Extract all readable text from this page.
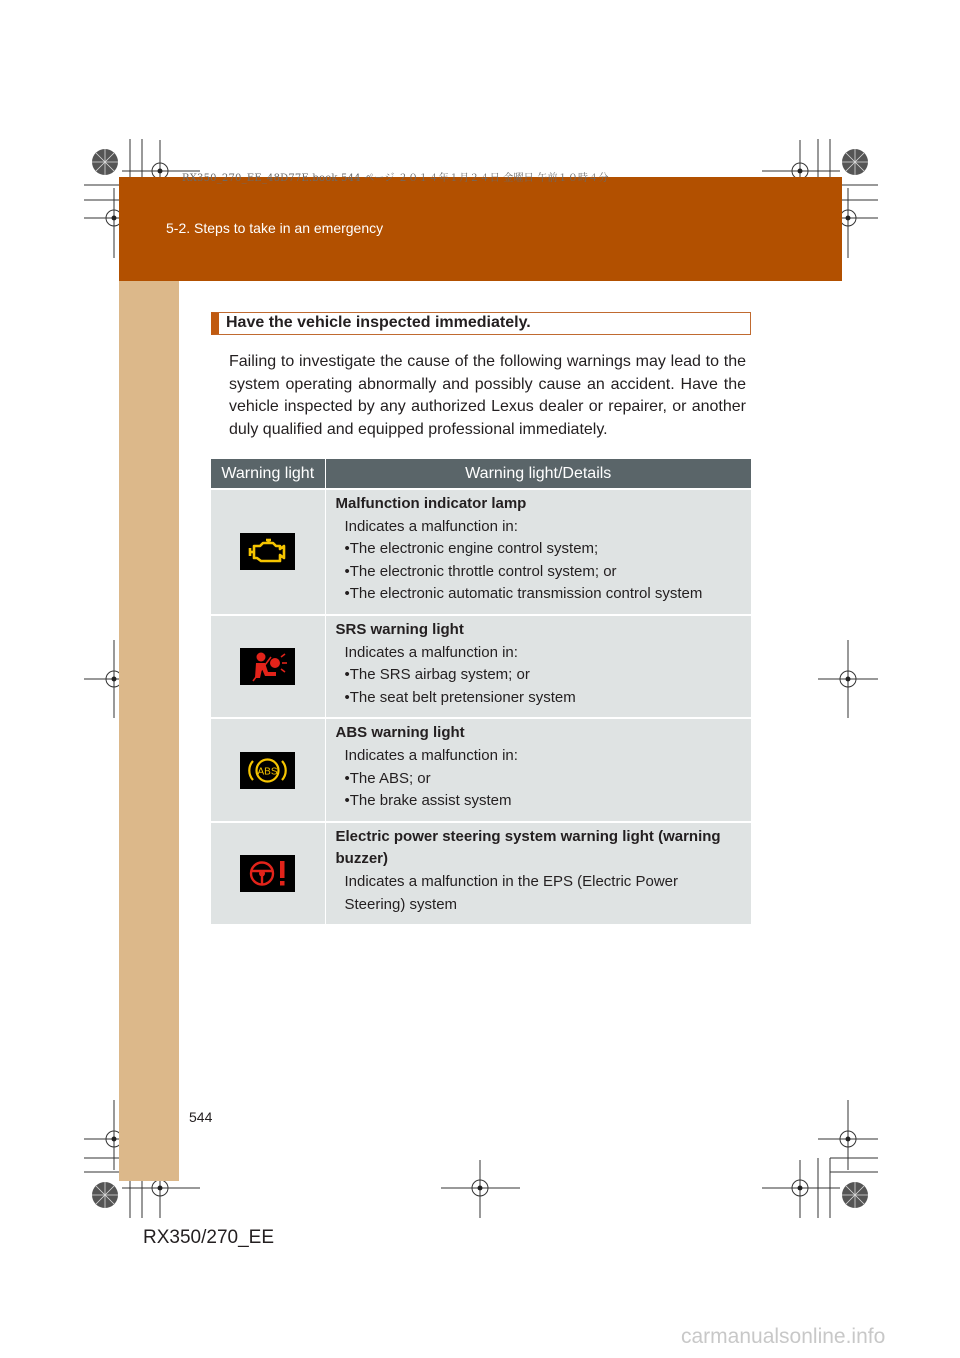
RX350_270_EE_48D77E.book 544 ページ ２０１４年１月２４日 金曜日 午前１０時４分
5-2. Steps to take in an emergency
Have the vehicle inspected immediately.

Failing to investigate the cause of the following warnings may lead to the system operating abnormally and possibly cause an accident. Have the vehicle inspected by any authorized Lexus dealer or repairer, or another duly qualified and equipped professional immediately.

Warning light	Warning light/Details

Malfunction indicator lamp
Indicates a malfunction in:
• The electronic engine control system;
• The electronic throttle control system; or
• The electronic automatic transmission control system

SRS warning light
Indicates a malfunction in:
• The SRS airbag system; or
• The seat belt pretensioner system

ABS	ABS warning light
Indicates a malfunction in:
• The ABS; or
• The brake assist system

Electric power steering system warning light (warning buzzer)
Indicates a malfunction in the EPS (Electric Power Steering) system
544
RX350/270_EE
carmanualsonline.info
